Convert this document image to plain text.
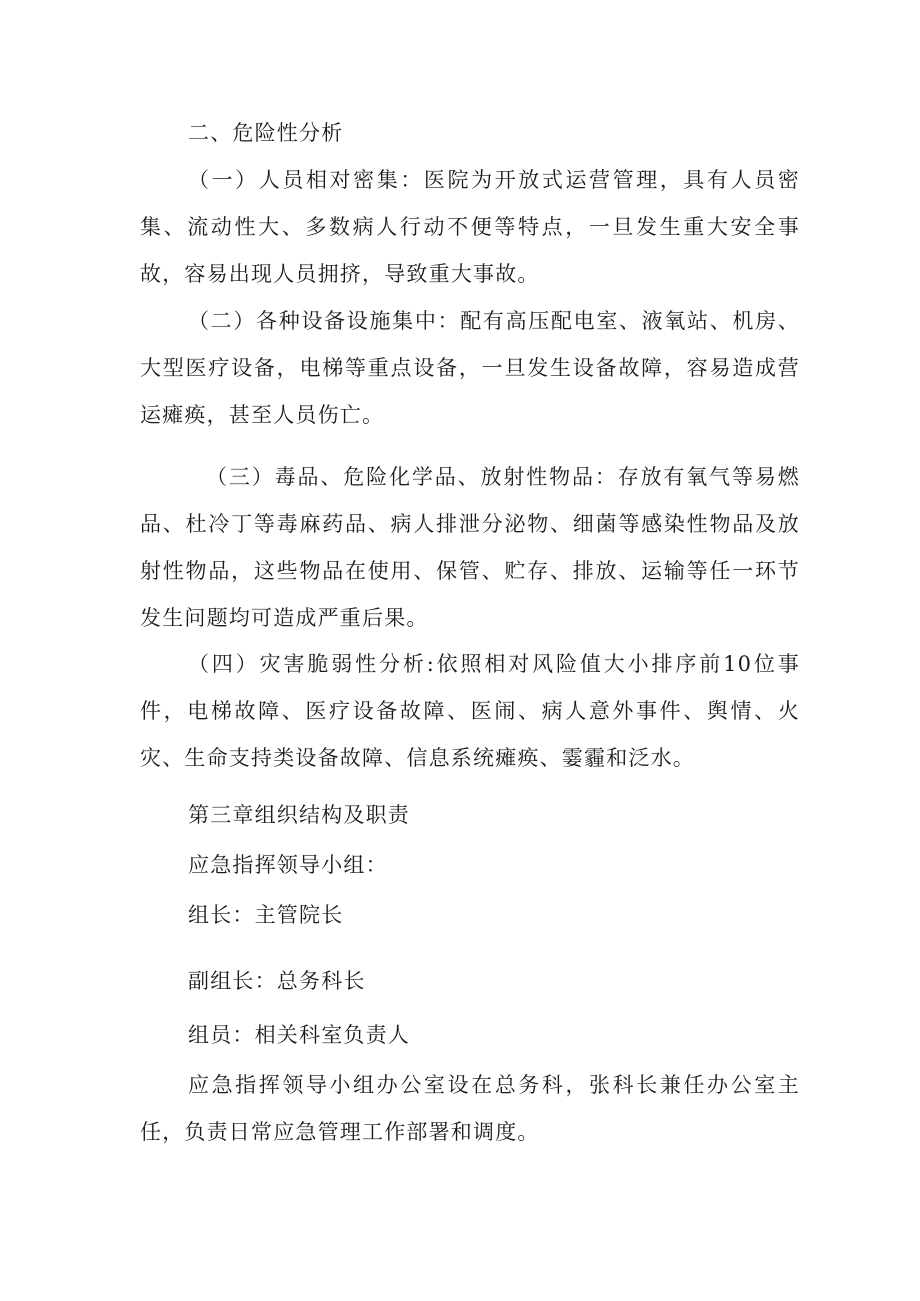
二、危险性分析

（一）人员相对密集：医院为开放式运营管理，具有人员密集、流动性大、多数病人行动不便等特点，一旦发生重大安全事故，容易出现人员拥挤，导致重大事故。

（二）各种设备设施集中：配有高压配电室、液氧站、机房、大型医疗设备，电梯等重点设备，一旦发生设备故障，容易造成营运瘫痪，甚至人员伤亡。

（三）毒品、危险化学品、放射性物品：存放有氧气等易燃品、杜冷丁等毒麻药品、病人排泄分泌物、细菌等感染性物品及放射性物品，这些物品在使用、保管、贮存、排放、运输等任一环节发生问题均可造成严重后果。

（四）灾害脆弱性分析:依照相对风险值大小排序前10位事件，电梯故障、医疗设备故障、医闹、病人意外事件、舆情、火灾、生命支持类设备故障、信息系统瘫痪、霎霾和泛水。

第三章组织结构及职责

应急指挥领导小组：

组长：主管院长

副组长：总务科长

组员：相关科室负责人

应急指挥领导小组办公室设在总务科，张科长兼任办公室主任，负责日常应急管理工作部署和调度。
